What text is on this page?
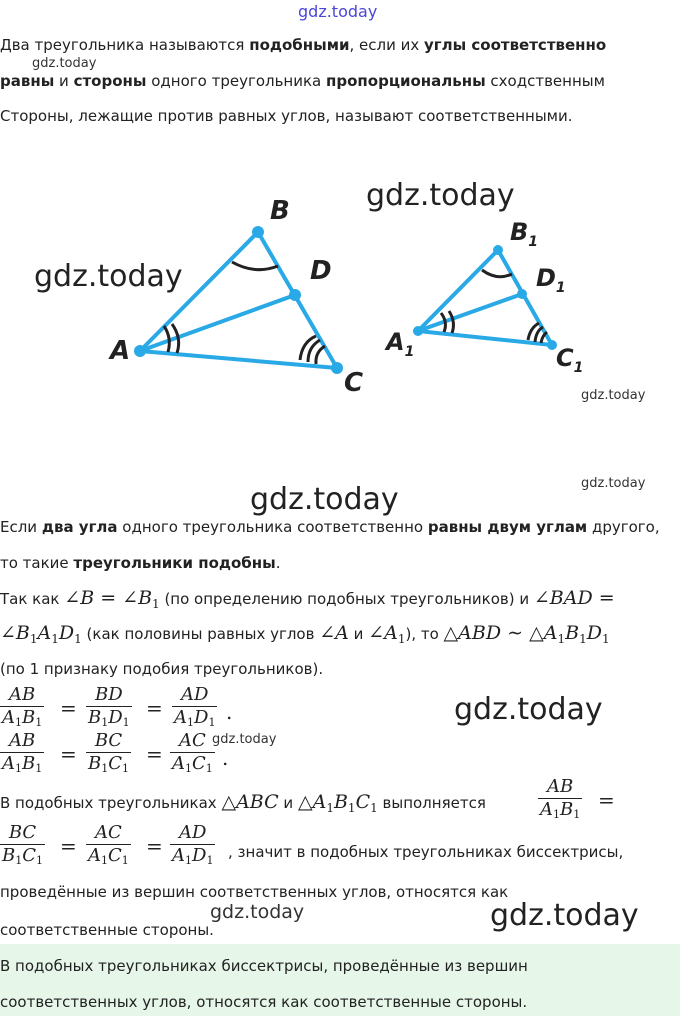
gdz.today
Два треугольника называются подобными, если их углы соответственно
gdz.today
равны и стороны одного треугольника пропорциональны сходственным
Стороны, лежащие против равных углов, называют соответственными.
B
D
A
C
$B_1$
$D_1$
$A_1$	$C_1$
gdz.today
gdz.today
gdz.today
gdz.today
gdz.today
Если два угла одного треугольника соответственно равны двум углам другого,
то такие треугольники подобны.
Так как ∠B = $\angle B_1$ (по определению подобных треугольников) и ∠BAD =
$\angle B_1A_1D_1$ (как половины равных углов ∠A и $\angle A_1$), то △ABD ∼ $\triangle A_1B_1D_1$
(по 1 признаку подобия треугольников).
$\frac{AB}{A_1B_1} = \frac{BD}{B_1D_1} = \frac{AD}{A_1D_1}$ .	gdz.today
$\frac{AB}{A_1B_1} = \frac{BC}{B_1C_1} = \frac{AC}{A_1C_1}$ .
gdz.today
В подобных треугольниках △ABC и $\triangle A_1B_1C_1$ выполняется	$\frac{AB}{A_1B_1}$ =
$\frac{BC}{B_1C_1} = \frac{AC}{A_1C_1} = \frac{AD}{A_1D_1}$ , значит в подобных треугольниках биссектрисы,
проведённые из вершин соответственных углов, относятся как
gdz.today
соответственные стороны.	gdz.today
В подобных треугольниках биссектрисы, проведённые из вершин
соответственных углов, относятся как соответственные стороны.
